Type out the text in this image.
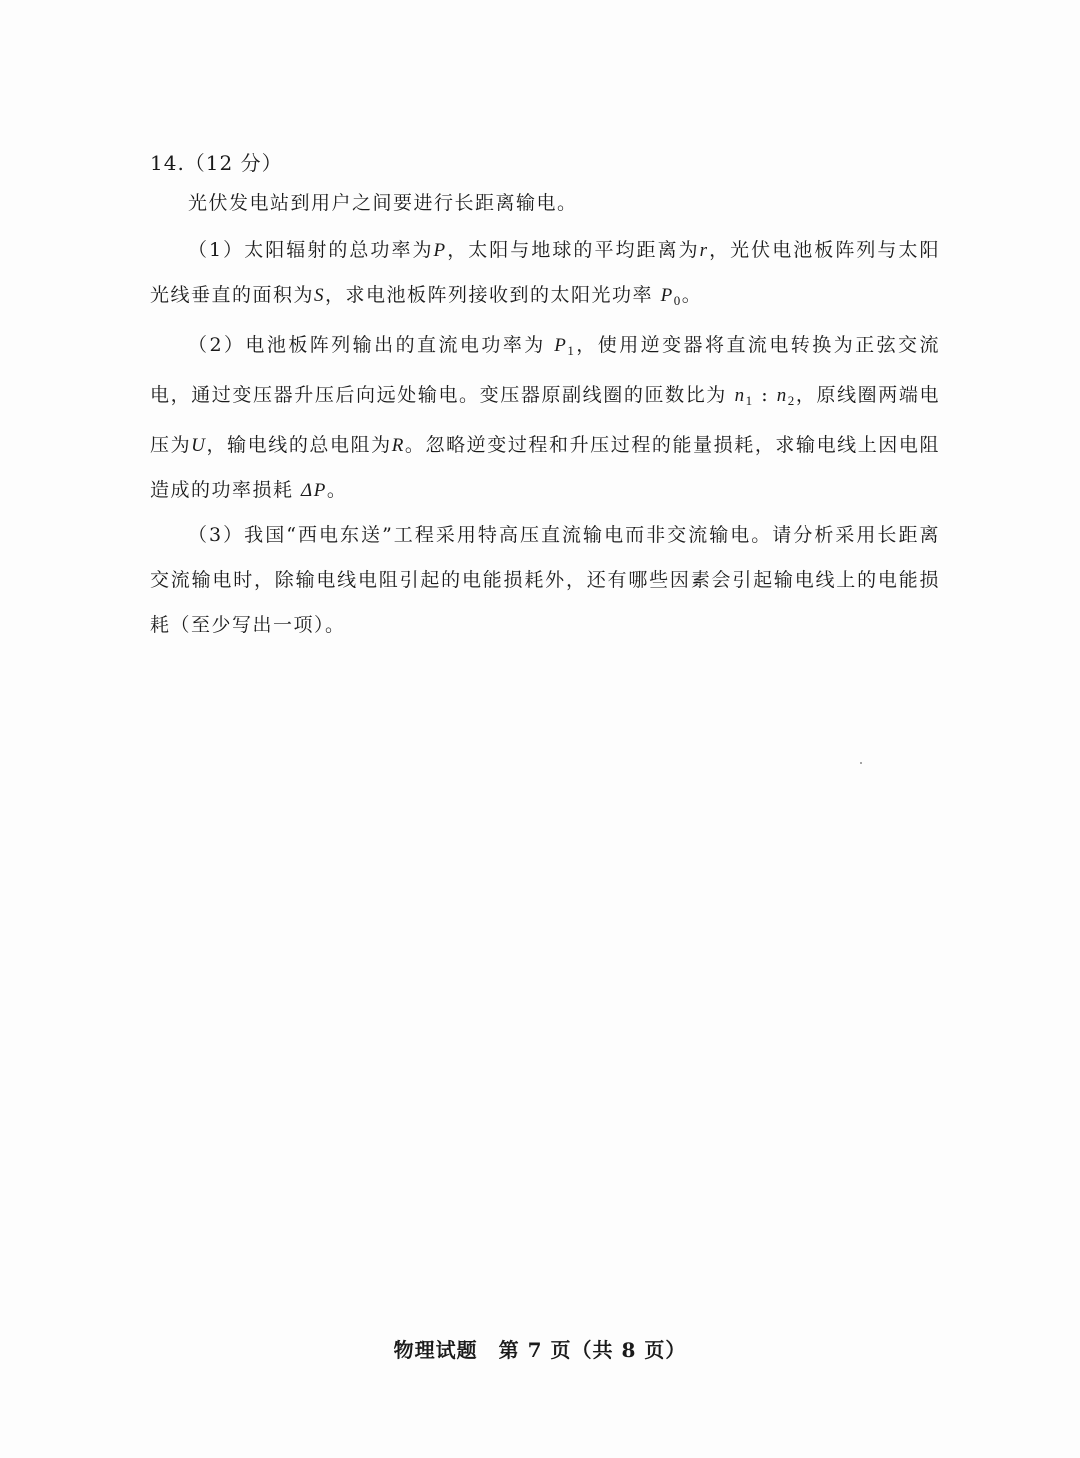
14.（12 分）

光伏发电站到用户之间要进行长距离输电。

（1）太阳辐射的总功率为P，太阳与地球的平均距离为r，光伏电池板阵列与太阳光线垂直的面积为S，求电池板阵列接收到的太阳光功率 $P_0$。

（2）电池板阵列输出的直流电功率为 $P_1$，使用逆变器将直流电转换为正弦交流电，通过变压器升压后向远处输电。变压器原副线圈的匝数比为 $n_1$ : $n_2$，原线圈两端电压为U，输电线的总电阻为R。忽略逆变过程和升压过程的能量损耗，求输电线上因电阻造成的功率损耗 ΔP。

（3）我国“西电东送”工程采用特高压直流输电而非交流输电。请分析采用长距离交流输电时，除输电线电阻引起的电能损耗外，还有哪些因素会引起输电线上的电能损耗（至少写出一项）。

物理试题　第 7 页（共 8 页）
